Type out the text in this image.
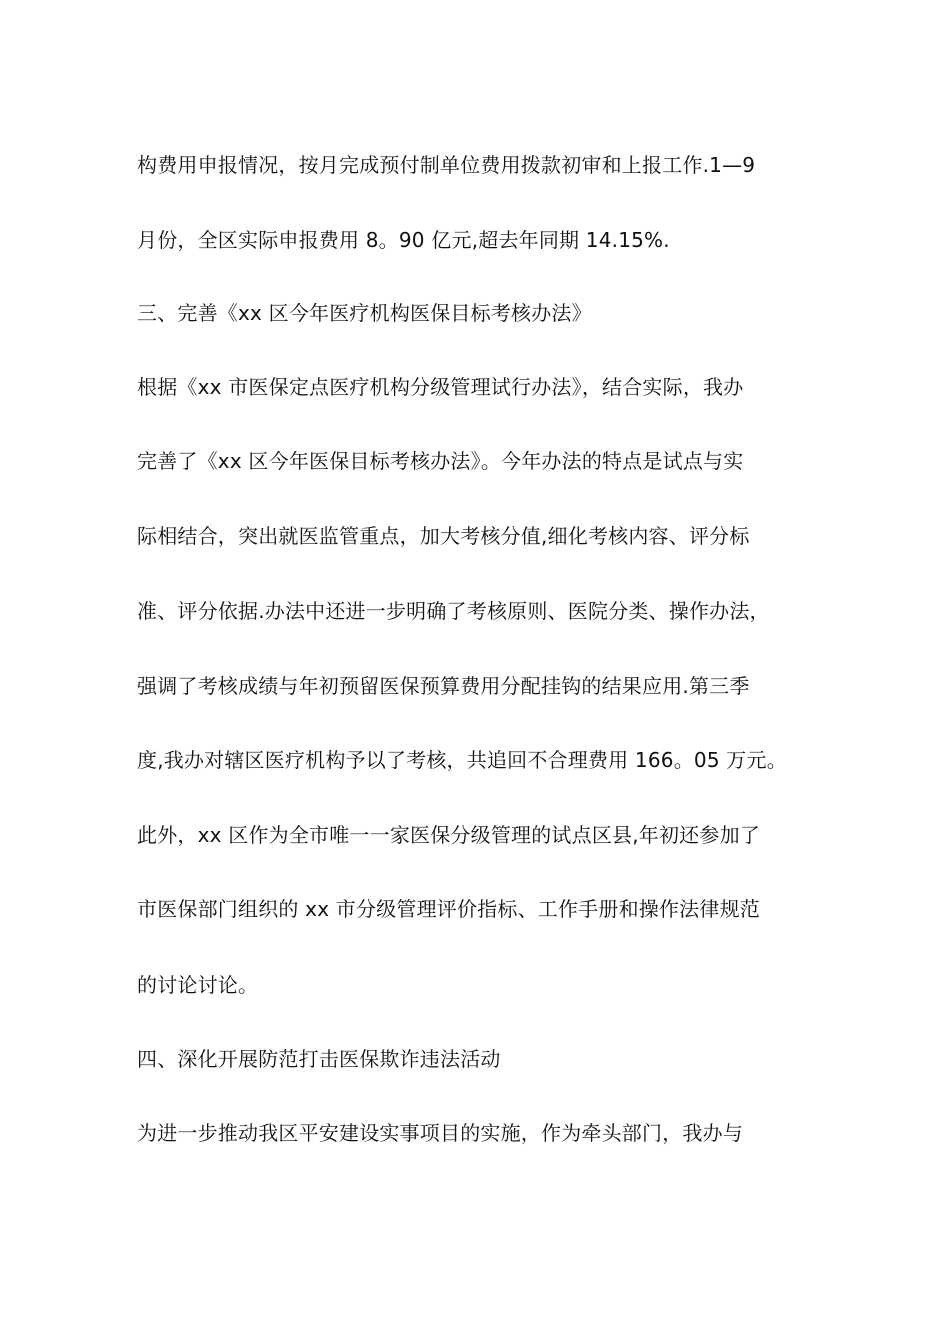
构费用申报情况，按月完成预付制单位费用拨款初审和上报工作.1—9
月份，全区实际申报费用 8。90 亿元,超去年同期 14.15%.
三、完善《xx 区今年医疗机构医保目标考核办法》
根据《xx 市医保定点医疗机构分级管理试行办法》，结合实际，我办
完善了《xx 区今年医保目标考核办法》。今年办法的特点是试点与实
际相结合，突出就医监管重点，加大考核分值,细化考核内容、评分标
准、评分依据.办法中还进一步明确了考核原则、医院分类、操作办法，
强调了考核成绩与年初预留医保预算费用分配挂钩的结果应用.第三季
度,我办对辖区医疗机构予以了考核，共追回不合理费用 166。05 万元。
此外，xx 区作为全市唯一一家医保分级管理的试点区县,年初还参加了
市医保部门组织的 xx 市分级管理评价指标、工作手册和操作法律规范
的讨论讨论。
四、深化开展防范打击医保欺诈违法活动
为进一步推动我区平安建设实事项目的实施，作为牵头部门，我办与
